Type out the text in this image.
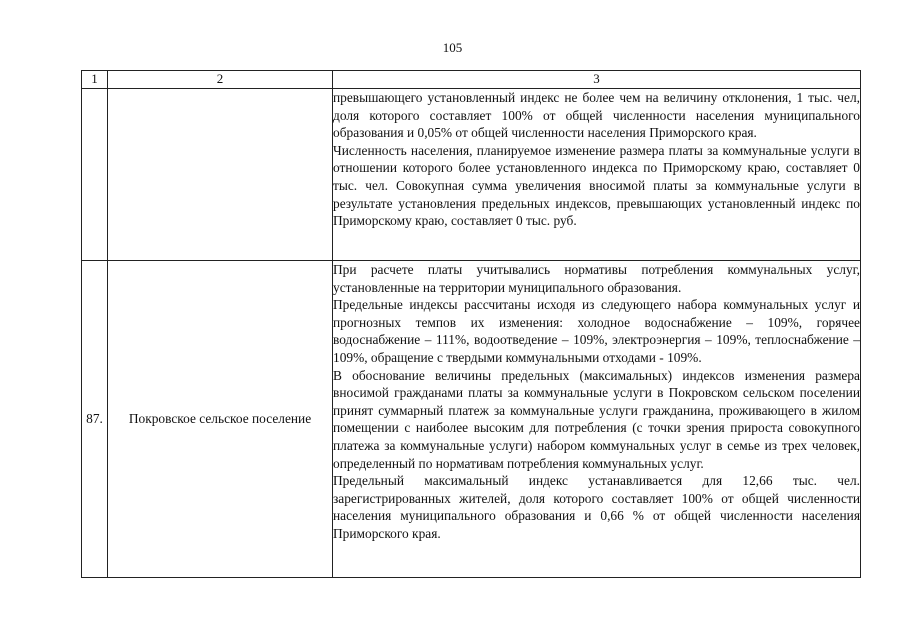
105
1	2	3

		превышающего установленный индекс не более чем на величину отклонения, 1 тыс. чел, доля которого составляет 100% от общей численности населения муниципального образования и 0,05% от общей численности населения Приморского края.

Численность населения, планируемое изменение размера платы за коммунальные услуги в отношении которого более установленного индекса по Приморскому краю, составляет 0 тыс. чел. Совокупная сумма увеличения вносимой платы за коммунальные услуги в результате установления предельных индексов, превышающих установленный индекс по Приморскому краю, составляет 0 тыс. руб.

87.	Покровское сельское поселение	При расчете платы учитывались нормативы потребления коммунальных услуг, установленные на территории муниципального образования.

Предельные индексы рассчитаны исходя из следующего набора коммунальных услуг и прогнозных темпов их изменения: холодное водоснабжение – 109%, горячее водоснабжение – 111%, водоотведение – 109%, электроэнергия – 109%, теплоснабжение – 109%, обращение с твердыми коммунальными отходами - 109%.

В обоснование величины предельных (максимальных) индексов изменения размера вносимой гражданами платы за коммунальные услуги в Покровском сельском поселении принят суммарный платеж за коммунальные услуги гражданина, проживающего в жилом помещении с наиболее высоким для потребления (с точки зрения прироста совокупного платежа за коммунальные услуги) набором коммунальных услуг в семье из трех человек, определенный по нормативам потребления коммунальных услуг.

Предельный максимальный индекс устанавливается для 12,66 тыс. чел. зарегистрированных жителей, доля которого составляет 100% от общей численности населения муниципального образования и 0,66 % от общей численности населения Приморского края.
